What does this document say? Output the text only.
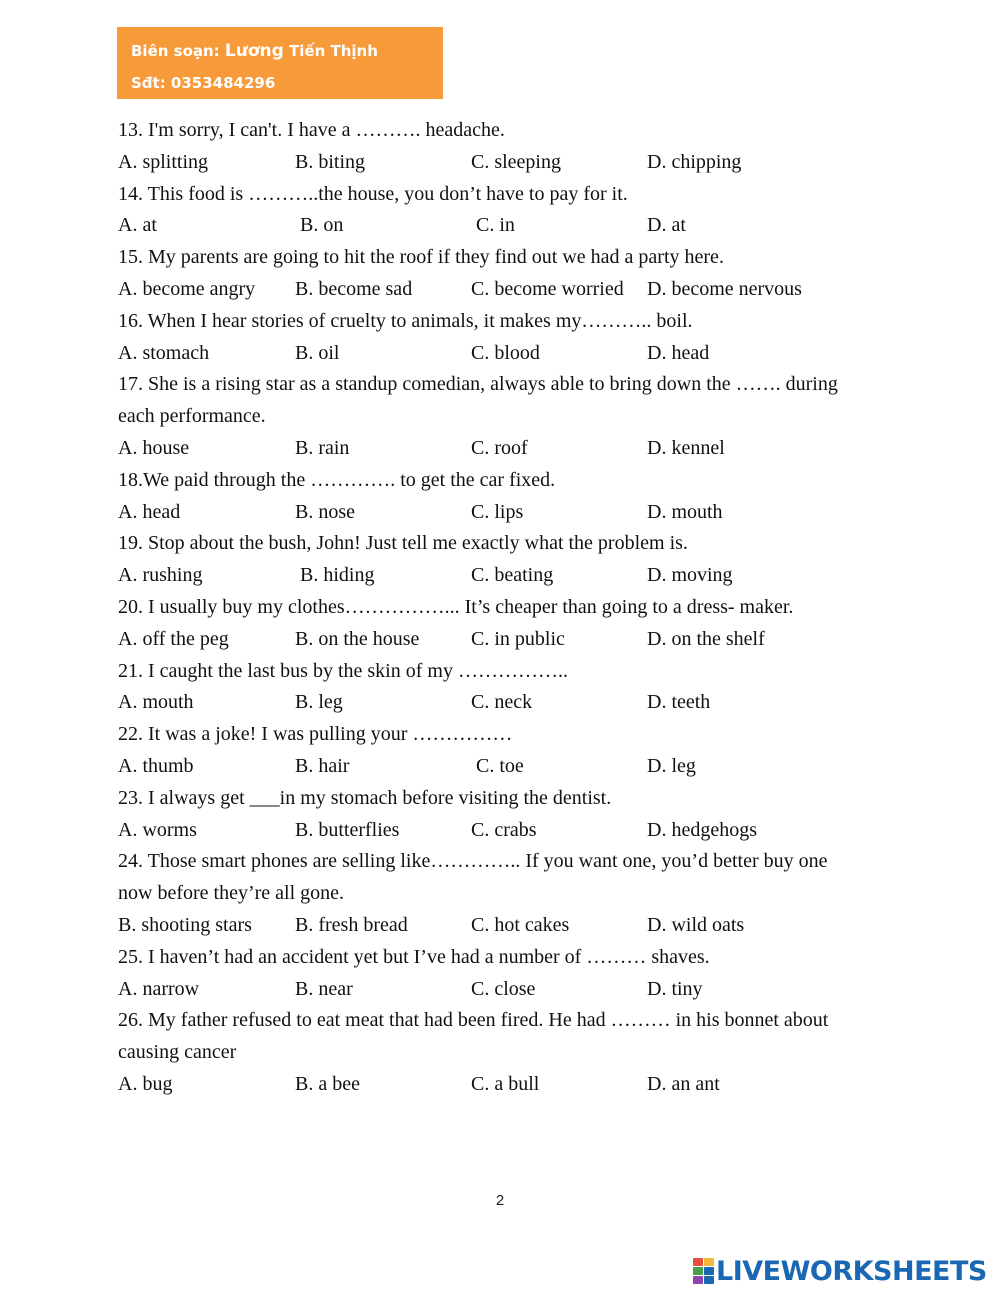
Biên soạn: Lương Tiến Thịnh
Sđt: 0353484296
13. I'm sorry, I can't. I have a ………. headache.
A. splitting	B. biting	C. sleeping	D. chipping
14. This food is ………..the house, you don’t have to pay for it.
A. at	B. on	C. in	D. at
15. My parents are going to hit the roof if they find out we had a party here.
A. become angry B. become sad	C. become worried D. become nervous
16. When I hear stories of cruelty to animals, it makes my……….. boil.
A. stomach	B. oil	C. blood	D. head
17. She is a rising star as a standup comedian, always able to bring down the ……. during
each performance.
A. house	B. rain	C. roof	D. kennel
18.We paid through the …………. to get the car fixed.
A. head	B. nose	C. lips	D. mouth
19. Stop about the bush, John! Just tell me exactly what the problem is.
A. rushing	B. hiding	C. beating	D. moving
20. I usually buy my clothes……………... It’s cheaper than going to a dress- maker.
A. off the peg	B. on the house	C. in public	D. on the shelf
21. I caught the last bus by the skin of my ……………..
A. mouth	B. leg	C. neck	D. teeth
22. It was a joke! I was pulling your ……………
A. thumb	B. hair	C. toe	D. leg
23. I always get ___in my stomach before visiting the dentist.
A. worms	B. butterflies	C. crabs	D. hedgehogs
24. Those smart phones are selling like………….. If you want one, you’d better buy one
now before they’re all gone.
B. shooting stars B. fresh bread	C. hot cakes	D. wild oats
25. I haven’t had an accident yet but I’ve had a number of ……… shaves.
A. narrow	B. near	C. close	D. tiny
26. My father refused to eat meat that had been fired. He had ……… in his bonnet about
causing cancer
A. bug	B. a bee	C. a bull	D. an ant
2
LIVEWORKSHEETS
